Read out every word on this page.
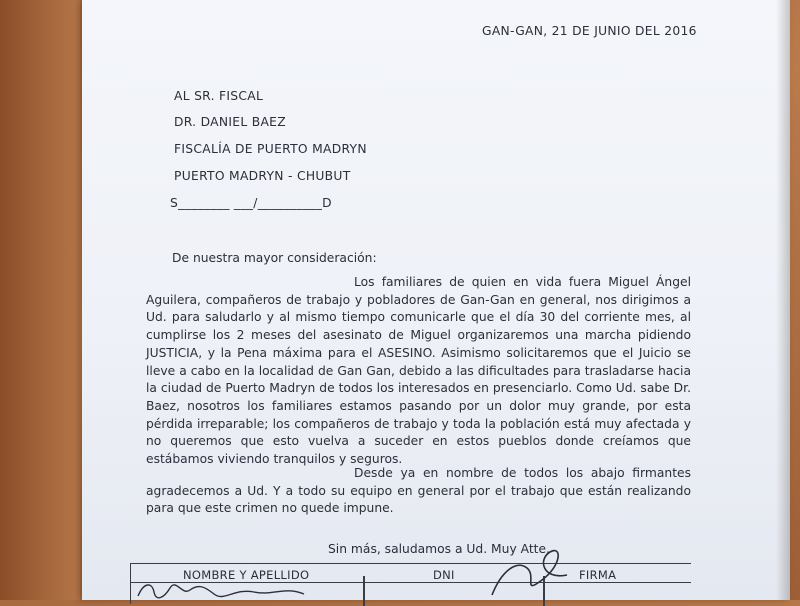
GAN-GAN, 21 DE JUNIO DEL 2016
AL SR. FISCAL
DR. DANIEL BAEZ
FISCALÍA DE PUERTO MADRYN
PUERTO MADRYN - CHUBUT
S________ ___/__________D
De nuestra mayor consideración:
Los familiares de quien en vida fuera Miguel Ángel Aguilera, compañeros de trabajo y pobladores de Gan-Gan en general, nos dirigimos a Ud. para saludarlo y al mismo tiempo comunicarle que el día 30 del corriente mes, al cumplirse los 2 meses del asesinato de Miguel organizaremos una marcha pidiendo JUSTICIA, y la Pena máxima para el ASESINO. Asimismo solicitaremos que el Juicio se lleve a cabo en la localidad de Gan Gan, debido a las dificultades para trasladarse hacia la ciudad de Puerto Madryn de todos los interesados en presenciarlo. Como Ud. sabe Dr. Baez, nosotros los familiares estamos pasando por un dolor muy grande, por esta pérdida irreparable; los compañeros de trabajo y toda la población está muy afectada y no queremos que esto vuelva a suceder en estos pueblos donde creíamos que estábamos viviendo tranquilos y seguros.
Desde ya en nombre de todos los abajo firmantes agradecemos a Ud. Y a todo su equipo en general por el trabajo que están realizando para que este crimen no quede impune.
Sin más, saludamos a Ud. Muy Atte.
NOMBRE Y APELLIDO	DNI	FIRMA
